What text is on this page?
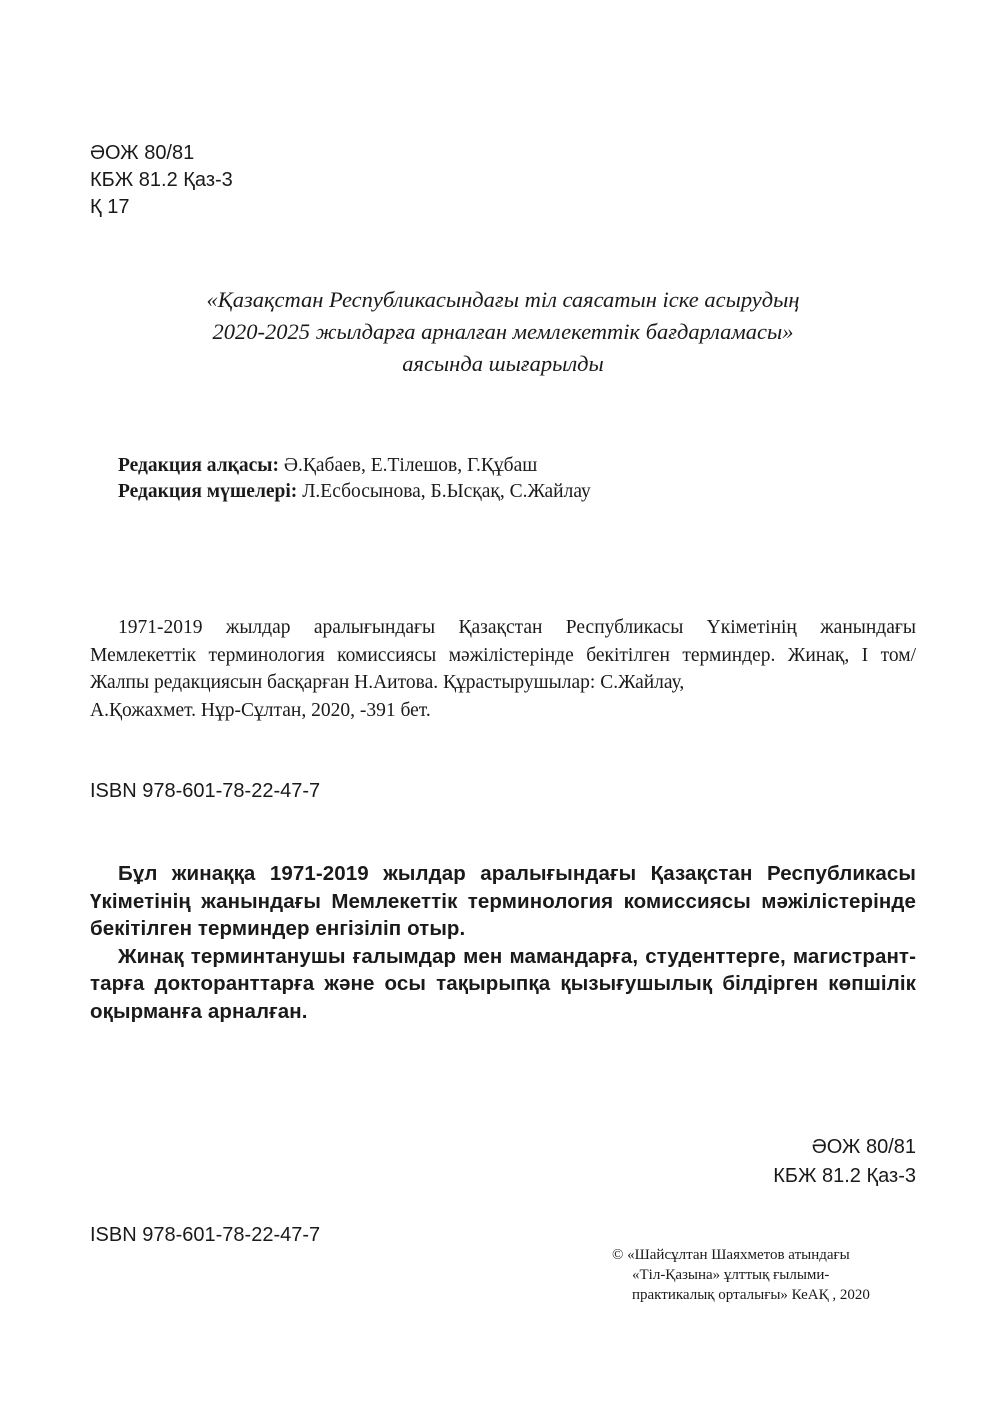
ӘОЖ 80/81
КБЖ 81.2 Қаз-3
Қ 17
«Қазақстан Республикасындағы тіл саясатын іске асырудың
2020-2025 жылдарға арналған мемлекеттік бағдарламасы»
аясында шығарылды
Редакция алқасы: Ә.Қабаев, Е.Тілешов, Г.Құбаш
Редакция мүшелері: Л.Есбосынова, Б.Ысқақ, С.Жайлау
1971-2019 жылдар аралығындағы Қазақстан Республикасы Үкіметінің жанындағы Мемлекеттік терминология комиссиясы мәжілістерінде бекітілген терминдер. Жинақ, І том/ Жалпы редакциясын басқарған Н.Аитова. Құрастырушылар: С.Жайлау,
А.Қожахмет. Нұр-Сұлтан, 2020, -391 бет.
ISBN 978-601-78-22-47-7

Бұл жинаққа 1971-2019 жылдар аралығындағы Қазақстан Республикасы Үкіметінің жанындағы Мемлекеттік терминология комиссиясы мәжілістерінде бекітілген терминдер енгізіліп отыр.

Жинақ терминтанушы ғалымдар мен мамандарға, студенттерге, магистрант-тарға докторанттарға және осы тақырыпқа қызығушылық білдірген көпшілік оқырманға арналған.

ӘОЖ 80/81
КБЖ 81.2 Қаз-3
ISBN 978-601-78-22-47-7
© «Шайсұлтан Шаяхметов атындағы
«Тіл-Қазына» ұлттық ғылыми-
практикалық орталығы» КеАҚ , 2020
